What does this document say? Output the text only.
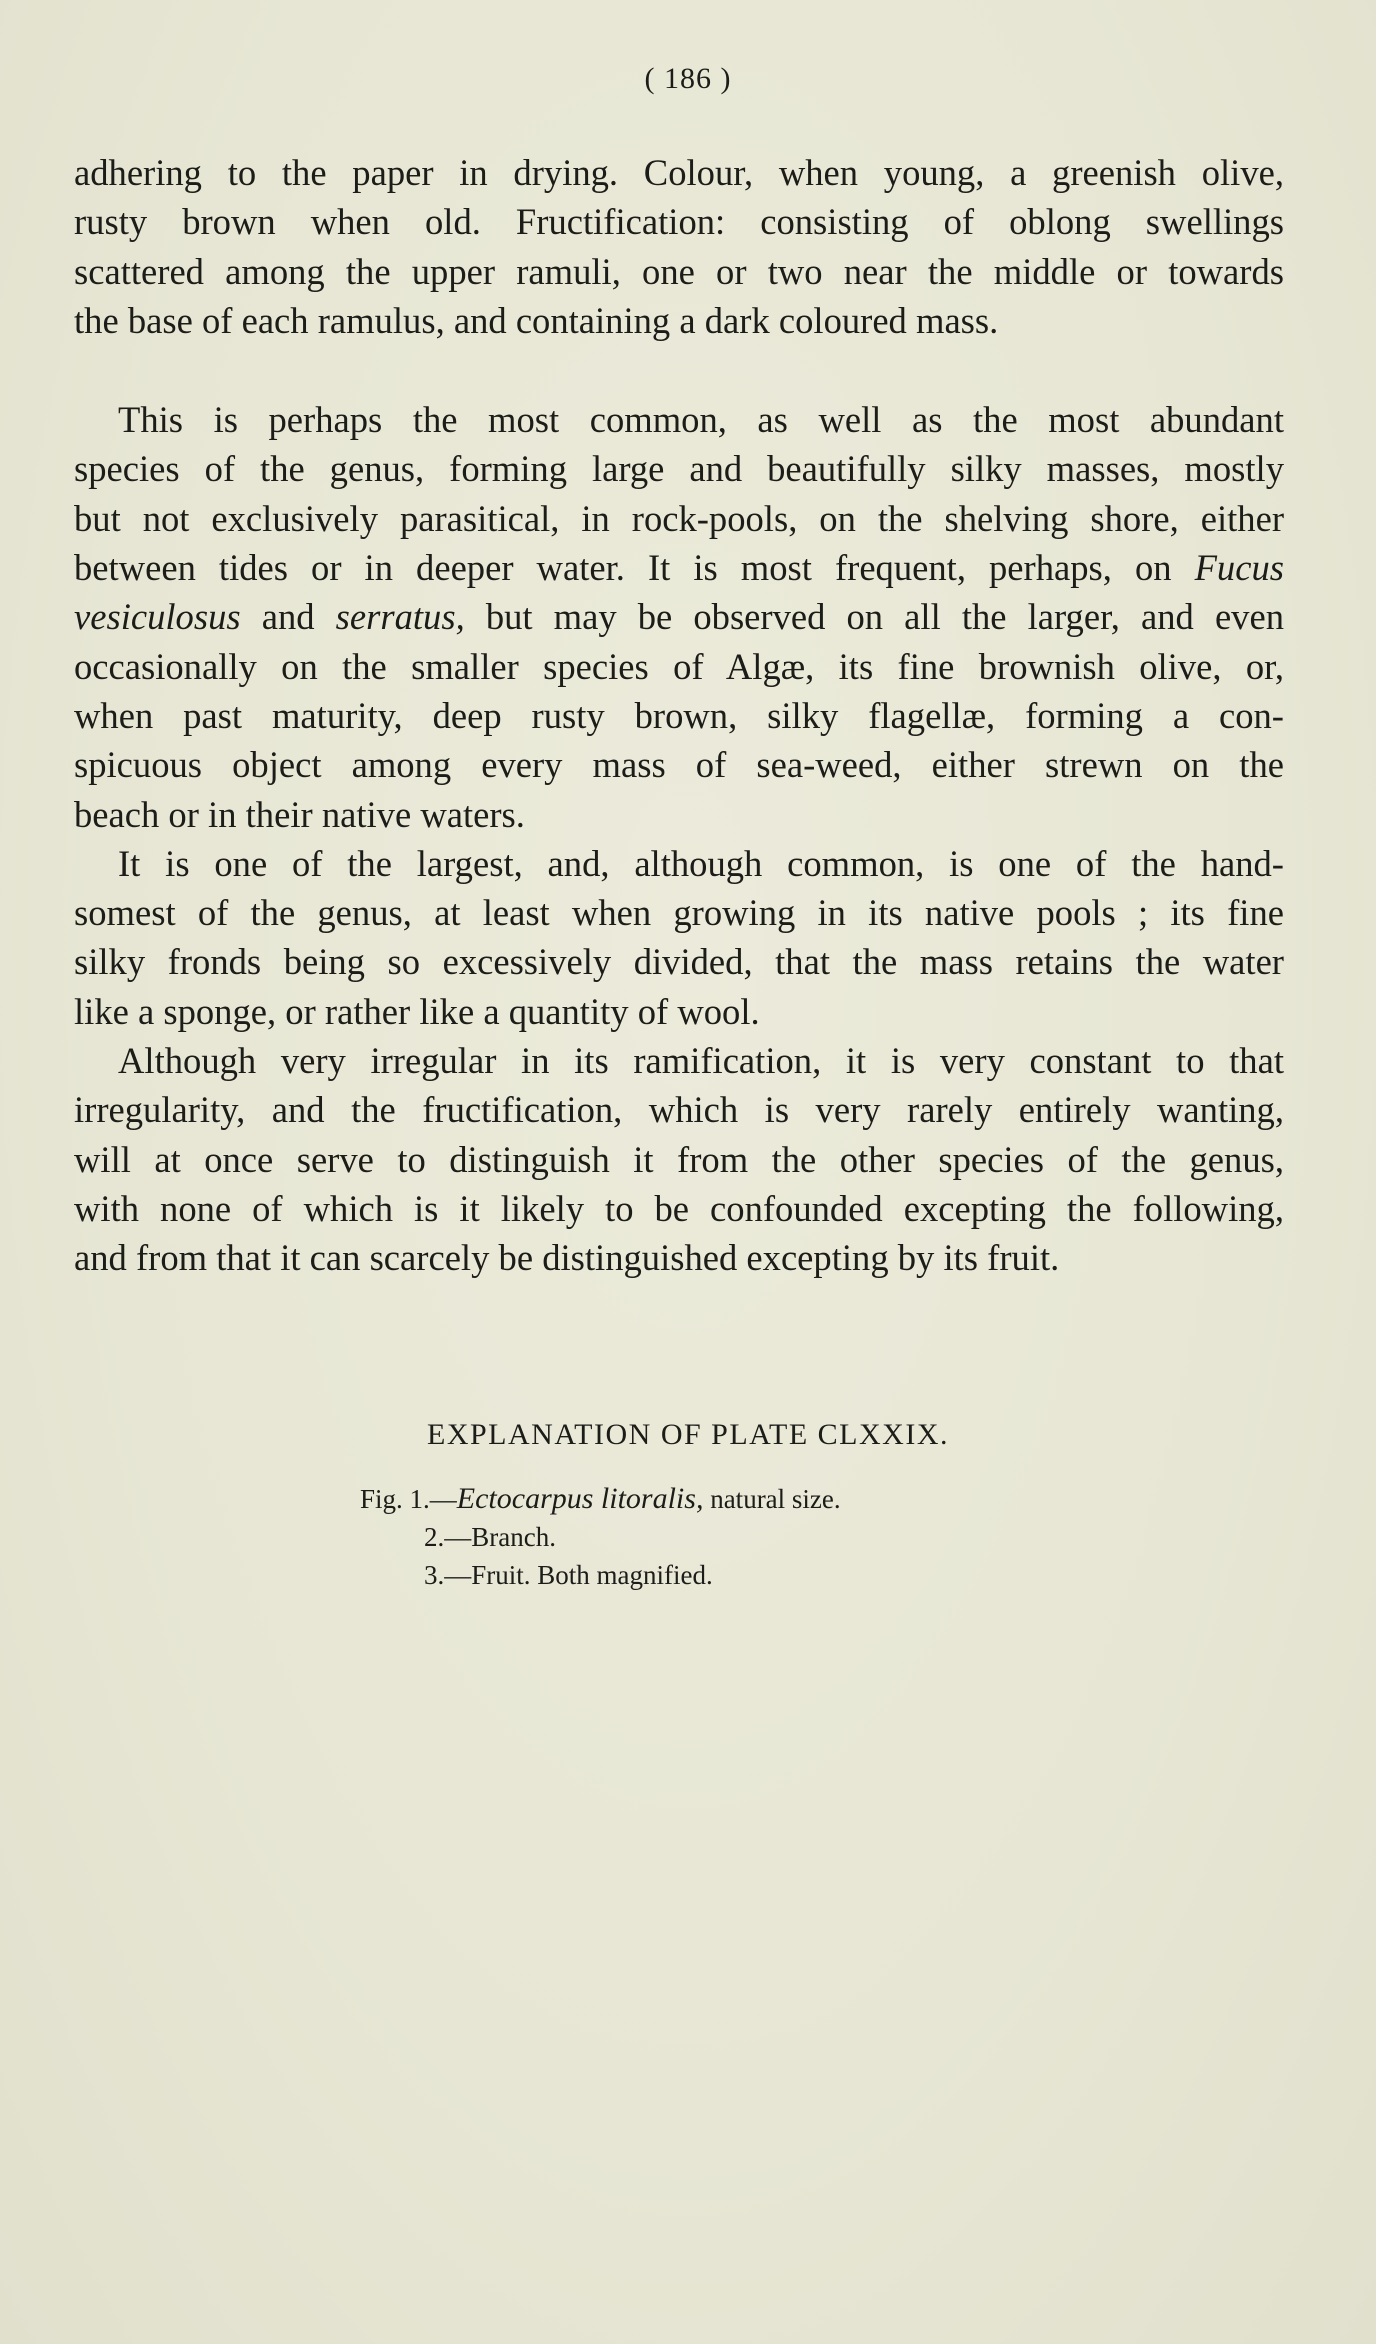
( 186 )

adhering to the paper in drying. Colour, when young, a greenish olive,
rusty brown when old. Fructification: consisting of oblong swellings
scattered among the upper ramuli, one or two near the middle or towards
the base of each ramulus, and containing a dark coloured mass.

This is perhaps the most common, as well as the most abundant
species of the genus, forming large and beautifully silky masses, mostly
but not exclusively parasitical, in rock-pools, on the shelving shore, either
between tides or in deeper water. It is most frequent, perhaps, on Fucus
vesiculosus and serratus, but may be observed on all the larger, and even
occasionally on the smaller species of Algæ, its fine brownish olive, or,
when past maturity, deep rusty brown, silky flagellæ, forming a con-
spicuous object among every mass of sea-weed, either strewn on the
beach or in their native waters.

It is one of the largest, and, although common, is one of the hand-
somest of the genus, at least when growing in its native pools ; its fine
silky fronds being so excessively divided, that the mass retains the water
like a sponge, or rather like a quantity of wool.

Although very irregular in its ramification, it is very constant to that
irregularity, and the fructification, which is very rarely entirely wanting,
will at once serve to distinguish it from the other species of the genus,
with none of which is it likely to be confounded excepting the following,
and from that it can scarcely be distinguished excepting by its fruit.

EXPLANATION OF PLATE CLXXIX.
Fig. 1.—Ectocarpus litoralis, natural size.
2.—Branch.
3.—Fruit. Both magnified.
